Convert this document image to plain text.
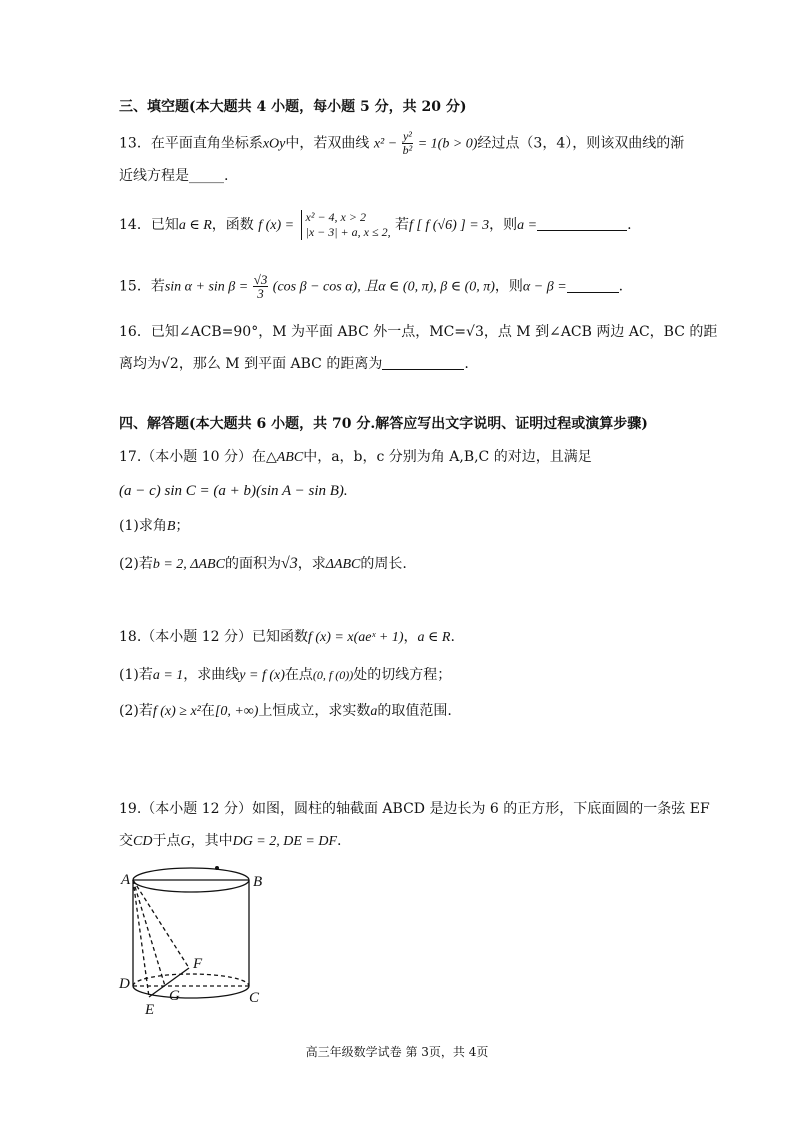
三、填空题(本大题共 4 小题，每小题 5 分，共 20 分)
13．在平面直角坐标系xOy中，若双曲线 $x^2 - \frac{\text{y²}}{\text{b²}} = 1(b > 0)$经过点（3，4），则该双曲线的渐
近线方程是_____.
14．已知a ∈ R，函数 f (x) =
x² − 4, x > 2
|x − 3| + a, x ≤ 2, 若f [ f (√6) ] = 3，则a =	.
15．若$\sin \alpha + \sin \beta = \frac{√3}{3} (\cos$ β − cos α), 且α ∈ (0, π), β ∈ (0, π)，则α − β =	.
16．已知∠ACB=90°，M 为平面 ABC 外一点，MC=√3，点 M 到∠ACB 两边 AC，BC 的距
离均为√2，那么 M 到平面 ABC 的距离为	.
四、解答题(本大题共 6 小题，共 70 分.解答应写出文字说明、证明过程或演算步骤)
17.（本小题 10 分）在△ABC中，a，b，c 分别为角 A,B,C 的对边，且满足
(a − c) sin C = (a + b)(sin A − sin B).
(1)求角B；
(2)若b = 2, ΔABC的面积为√3，求ΔABC的周长.
18.（本小题 12 分）已知函数f (x) = x(aeˣ + 1)，a ∈ R.
(1)若a = 1，求曲线y = f (x)在点(0, f (0))处的切线方程；
(2)若f (x) ≥ x²在[0, +∞)上恒成立，求实数a的取值范围.
19.（本小题 12 分）如图，圆柱的轴截面 ABCD 是边长为 6 的正方形，下底面圆的一条弦 EF
交CD于点G，其中DG = 2, DE = DF.
A	B
C
D
E
F
G
高三年级数学试卷 第 3页，共 4页
